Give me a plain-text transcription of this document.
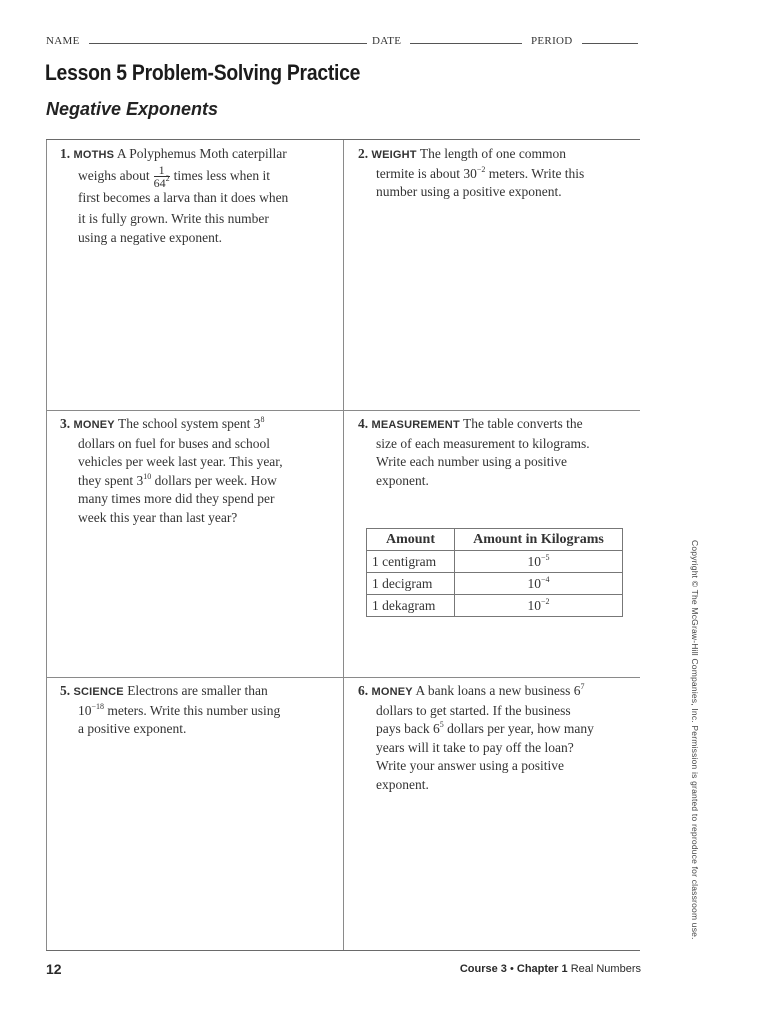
NAME	DATE	PERIOD
Lesson 5 Problem-Solving Practice
Negative Exponents
1. MOTHS A Polyphemus Moth caterpillar
weighs about $\frac{1}{64^2}$ times less when it
first becomes a larva than it does when
it is fully grown. Write this number
using a negative exponent.
2. WEIGHT The length of one common
termite is about $30^{-2}$ meters. Write this
number using a positive exponent.
3. MONEY The school system spent $3^8$
dollars on fuel for buses and school
vehicles per week last year. This year,
they spent $3^{10}$ dollars per week. How
many times more did they spend per
week this year than last year?
4. MEASUREMENT The table converts the
size of each measurement to kilograms.
Write each number using a positive
exponent.
Amount	Amount in Kilograms
1 centigram	$10^{-5}$
1 decigram	$10^{-4}$
1 dekagram	$10^{-2}$
5. SCIENCE Electrons are smaller than
$10^{-18}$ meters. Write this number using
a positive exponent.
6. MONEY A bank loans a new business $6^7$
dollars to get started. If the business
pays back $6^5$ dollars per year, how many
years will it take to pay off the loan?
Write your answer using a positive
exponent.	Copyright © The McGraw-Hill Companies, Inc. Permission is granted to reproduce for classroom use.
12	Course 3 • Chapter 1 Real Numbers
